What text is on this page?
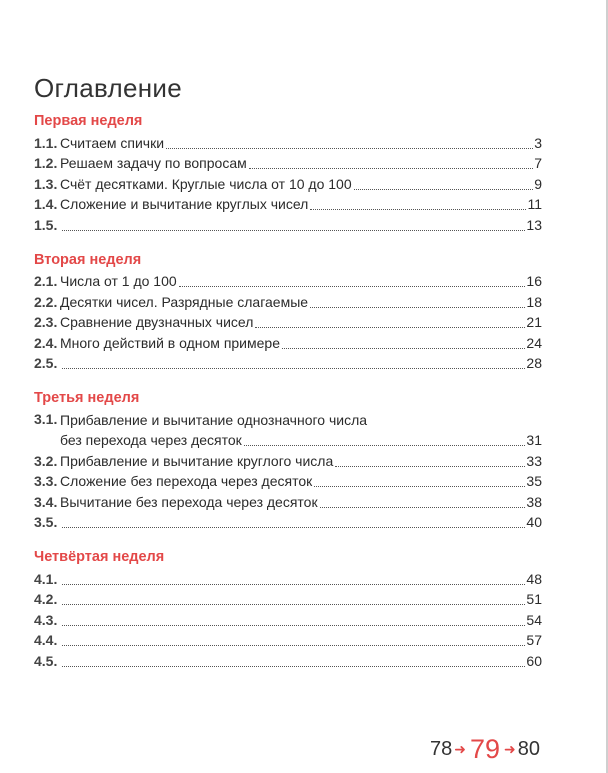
Оглавление
Первая неделя
1.1. Считаем спички	3
1.2. Решаем задачу по вопросам	7
1.3. Счёт десятками. Круглые числа от 10 до 100	9
1.4. Сложение и вычитание круглых чисел	11
1.5.	13
Вторая неделя
2.1. Числа от 1 до 100	16
2.2. Десятки чисел. Разрядные слагаемые	18
2.3. Сравнение двузначных чисел	21
2.4. Много действий в одном примере	24
2.5.	28
Третья неделя
3.1. Прибавление и вычитание однозначного числа
без перехода через десяток	31
3.2. Прибавление и вычитание круглого числа	33
3.3. Сложение без перехода через десяток	35
3.4. Вычитание без перехода через десяток	38
3.5.	40
Четвёртая неделя
4.1.	48
4.2.	51
4.3.	54
4.4.	57
4.5.	60
78 ➜ 79 ➜ 80
